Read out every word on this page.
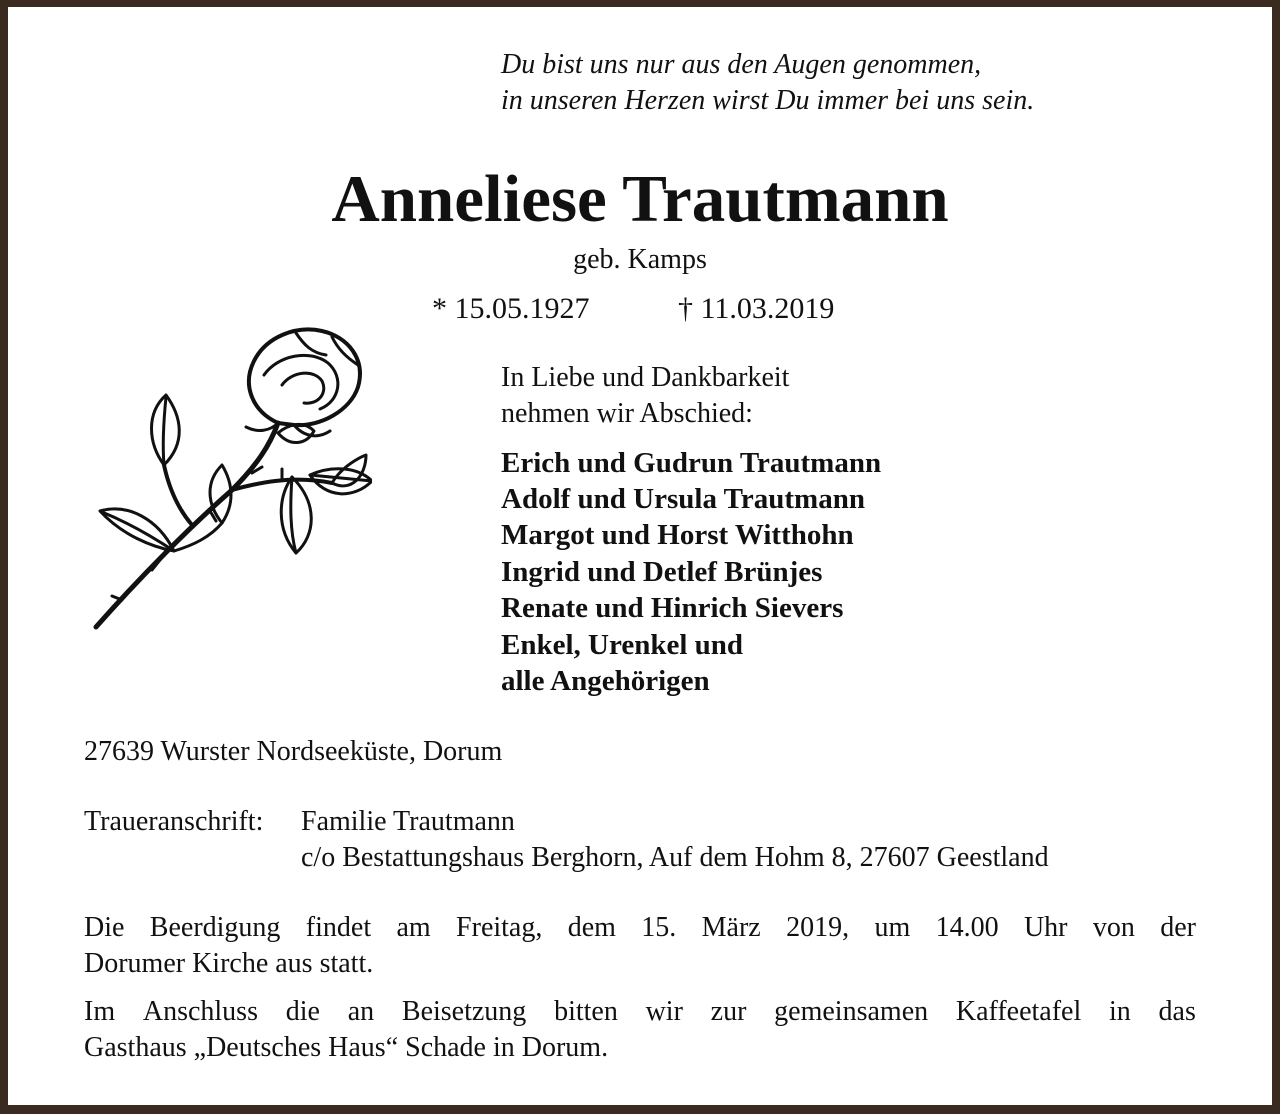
Du bist uns nur aus den Augen genommen,
in unseren Herzen wirst Du immer bei uns sein.
Anneliese Trautmann
geb. Kamps
* 15.05.1927	† 11.03.2019
In Liebe und Dankbarkeit
nehmen wir Abschied:
Erich und Gudrun Trautmann
Adolf und Ursula Trautmann
Margot und Horst Witthohn
Ingrid und Detlef Brünjes
Renate und Hinrich Sievers
Enkel, Urenkel und
alle Angehörigen
27639 Wurster Nordseeküste, Dorum
Traueranschrift: Familie Trautmann
c/o Bestattungshaus Berghorn, Auf dem Hohm 8, 27607 Geestland
Die Beerdigung findet am Freitag, dem 15. März 2019, um 14.00 Uhr von der
Dorumer Kirche aus statt.
Im Anschluss die an Beisetzung bitten wir zur gemeinsamen Kaffeetafel in das
Gasthaus „Deutsches Haus“ Schade in Dorum.
